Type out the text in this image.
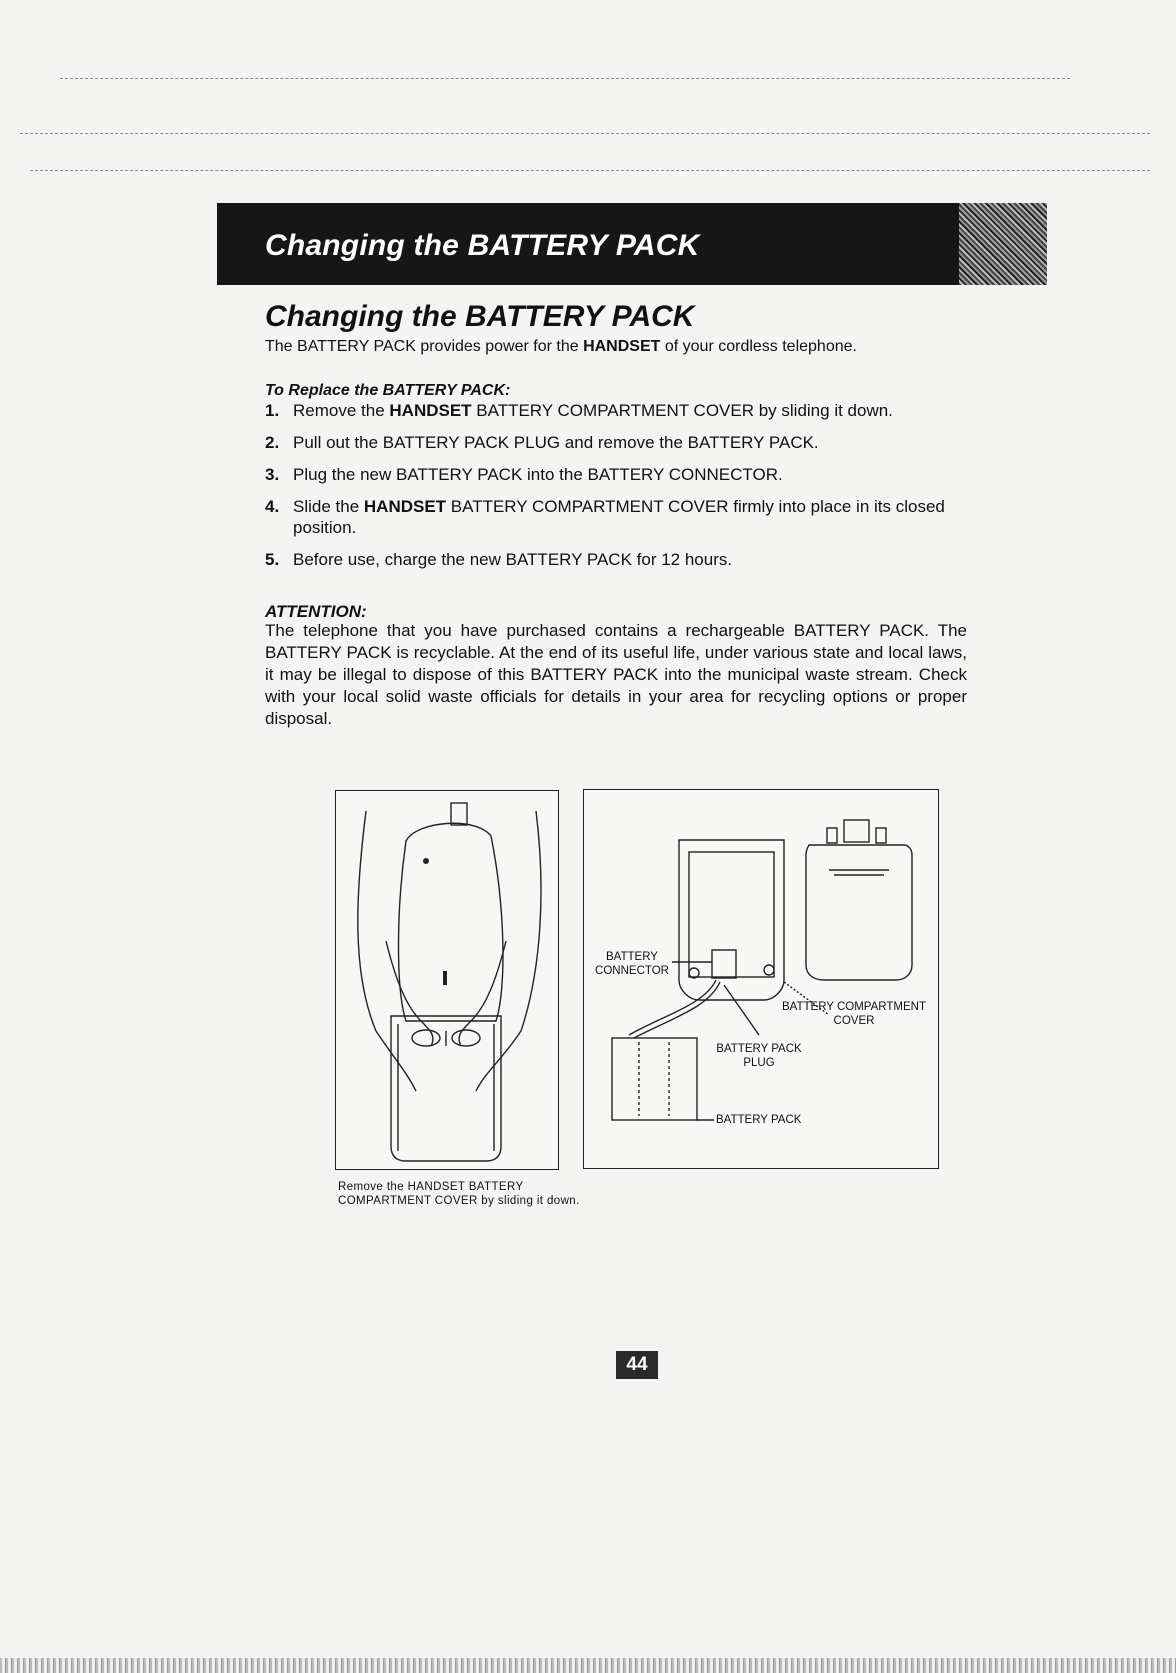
Changing the BATTERY PACK
Changing the BATTERY PACK
The BATTERY PACK provides power for the HANDSET of your cordless telephone.
To Replace the BATTERY PACK:
1. Remove the HANDSET BATTERY COMPARTMENT COVER by sliding it down.
2. Pull out the BATTERY PACK PLUG and remove the BATTERY PACK.
3. Plug the new BATTERY PACK into the BATTERY CONNECTOR.
4. Slide the HANDSET BATTERY COMPARTMENT COVER firmly into place in its closed position.
5. Before use, charge the new BATTERY PACK for 12 hours.
ATTENTION:
The telephone that you have purchased contains a rechargeable BATTERY PACK. The BATTERY PACK is recyclable. At the end of its useful life, under various state and local laws, it may be illegal to dispose of this BATTERY PACK into the municipal waste stream. Check with your local solid waste officials for details in your area for recycling options or proper disposal.
Remove the HANDSET BATTERY
COMPARTMENT COVER by sliding it down.
BATTERY
CONNECTOR
BATTERY COMPARTMENT
COVER
BATTERY PACK
PLUG
BATTERY PACK
44
